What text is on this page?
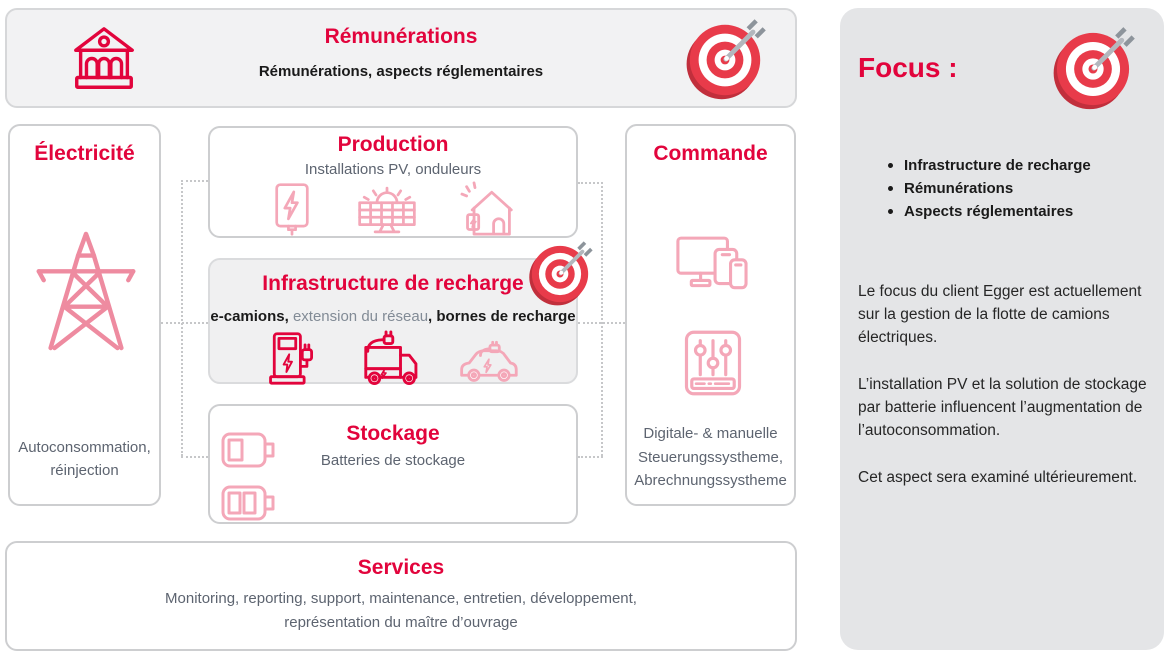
Rémunérations
Rémunérations, aspects réglementaires
Électricité
Autoconsommation, réinjection
Production
Installations PV, onduleurs
Infrastructure de recharge
e-camions, extension du réseau, bornes de recharge
Stockage
Batteries de stockage
Commande
Digitale- & manuelle
Steuerungssystheme,
Abrechnungssystheme
Services
Monitoring, reporting, support, maintenance, entretien, développement,
représentation du maître d’ouvrage
Focus :
Infrastructure de recharge
Rémunérations
Aspects réglementaires

Le focus du client Egger est actuellement sur la gestion de la flotte de camions électriques.

L’installation PV et la solution de stockage par batterie influencent l’augmentation de l’autoconsommation.

Cet aspect sera examiné ultérieurement.
